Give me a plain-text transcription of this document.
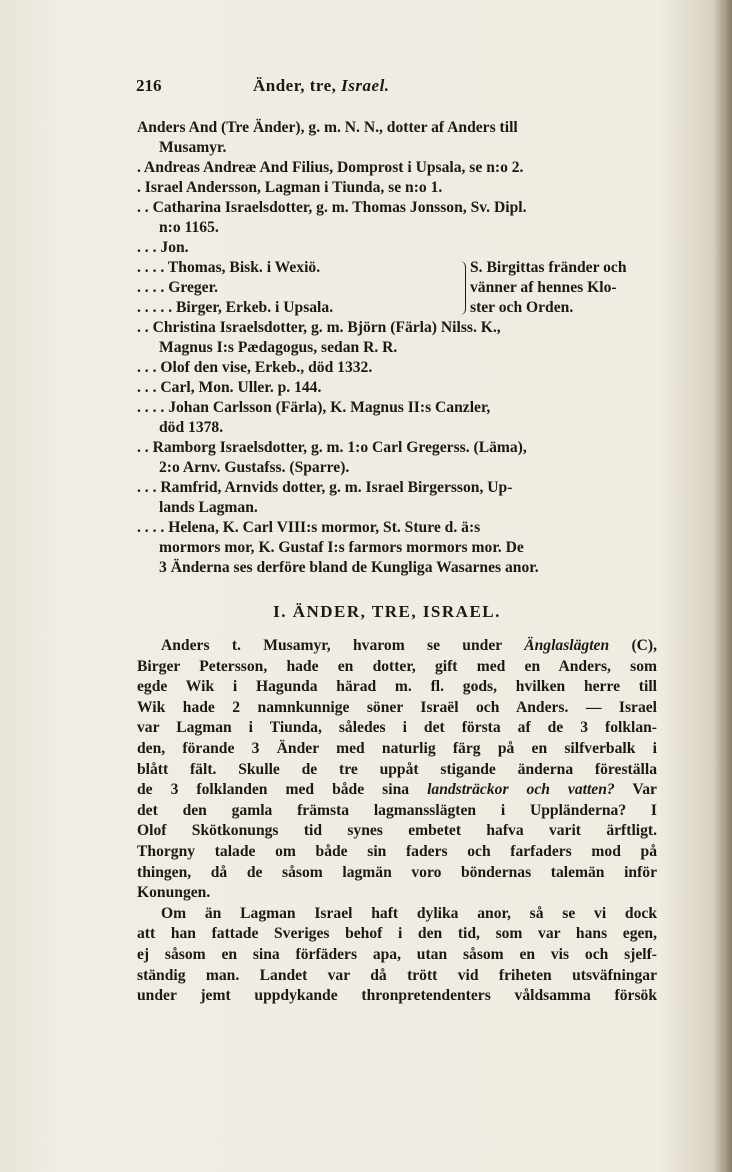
216	Änder, tre, Israel.
Anders And (Tre Änder), g. m. N. N., dotter af Anders till
Musamyr.
. Andreas Andreæ And Filius, Domprost i Upsala, se n:o 2.
. Israel Andersson, Lagman i Tiunda, se n:o 1.
. . Catharina Israelsdotter, g. m. Thomas Jonsson, Sv. Dipl.
n:o 1165.
. . . Jon.
. . . . Thomas, Bisk. i Wexiö.
. . . . Greger.
. . . . . Birger, Erkeb. i Upsala.
S. Birgittas fränder och
vänner af hennes Klo-
ster och Orden.
. . Christina Israelsdotter, g. m. Björn (Färla) Nilss. K.,
Magnus I:s Pædagogus, sedan R. R.
. . . Olof den vise, Erkeb., död 1332.
. . . Carl, Mon. Uller. p. 144.
. . . . Johan Carlsson (Färla), K. Magnus II:s Canzler,
död 1378.
. . Ramborg Israelsdotter, g. m. 1:o Carl Gregerss. (Läma),
2:o Arnv. Gustafss. (Sparre).
. . . Ramfrid, Arnvids dotter, g. m. Israel Birgersson, Up-
lands Lagman.
. . . . Helena, K. Carl VIII:s mormor, St. Sture d. ä:s
mormors mor, K. Gustaf I:s farmors mormors mor. De
3 Änderna ses derföre bland de Kungliga Wasarnes anor.
I. ÄNDER, TRE, ISRAEL.
Anders t. Musamyr, hvarom se under Änglaslägten (C),
Birger Petersson, hade en dotter, gift med en Anders, som
egde Wik i Hagunda härad m. fl. gods, hvilken herre till
Wik hade 2 namnkunnige söner Israël och Anders. — Israel
var Lagman i Tiunda, således i det första af de 3 folklan-
den, förande 3 Änder med naturlig färg på en silfverbalk i
blått fält. Skulle de tre uppåt stigande änderna föreställa
de 3 folklanden med både sina landsträckor och vatten? Var
det den gamla främsta lagmansslägten i Uppländerna? I
Olof Skötkonungs tid synes embetet hafva varit ärftligt.
Thorgny talade om både sin faders och farfaders mod på
thingen, då de såsom lagmän voro böndernas talemän inför
Konungen.
Om än Lagman Israel haft dylika anor, så se vi dock
att han fattade Sveriges behof i den tid, som var hans egen,
ej såsom en sina förfäders apa, utan såsom en vis och sjelf-
ständig man. Landet var då trött vid friheten utsväfningar
under jemt uppdykande thronpretendenters våldsamma försök
